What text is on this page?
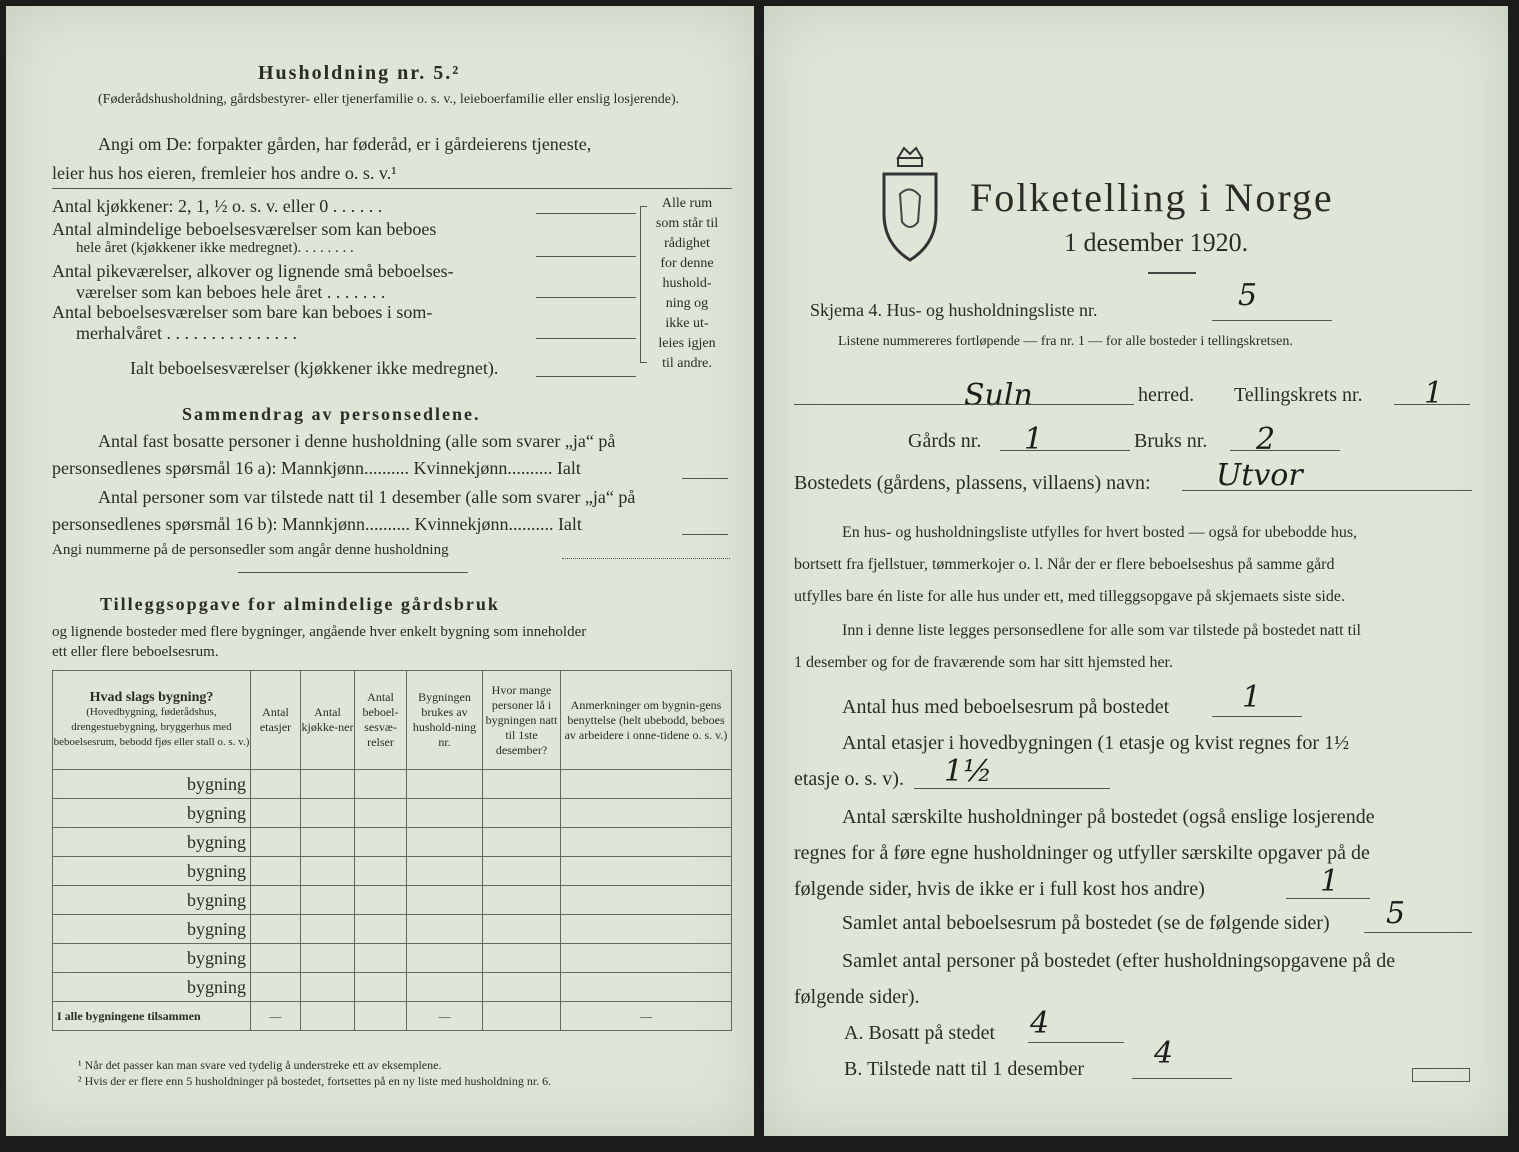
Husholdning nr. 5.²
(Føderådshusholdning, gårdsbestyrer- eller tjenerfamilie o. s. v., leieboerfamilie eller enslig losjerende).
Angi om De: forpakter gården, har føderåd, er i gårdeierens tjeneste,
leier hus hos eieren, fremleier hos andre o. s. v.¹
Antal kjøkkener: 2, 1, ½ o. s. v. eller 0 . . . . . .
Antal almindelige beboelsesværelser som kan beboes
hele året (kjøkkener ikke medregnet). . . . . . . .
Antal pikeværelser, alkover og lignende små beboelses-
værelser som kan beboes hele året . . . . . . .
Antal beboelsesværelser som bare kan beboes i som-
merhalvåret . . . . . . . . . . . . . . .
Ialt beboelsesværelser (kjøkkener ikke medregnet).
Alle rum
som står til
rådighet
for denne
hushold-
ning og
ikke ut-
leies igjen
til andre.
Sammendrag av personsedlene.
Antal fast bosatte personer i denne husholdning (alle som svarer „ja“ på
personsedlenes spørsmål 16 a): Mannkjønn.......... Kvinnekjønn.......... Ialt
Antal personer som var tilstede natt til 1 desember (alle som svarer „ja“ på
personsedlenes spørsmål 16 b): Mannkjønn.......... Kvinnekjønn.......... Ialt
Angi nummerne på de personsedler som angår denne husholdning
Tilleggsopgave for almindelige gårdsbruk
og lignende bosteder med flere bygninger, angående hver enkelt bygning som inneholder
ett eller flere beboelsesrum.
Hvad slags bygning?
(Hovedbygning, føderådshus, drengestuebygning, bryggerhus med beboelsesrum, bebodd fjøs eller stall o. s. v.)	Antal etasjer	Antal kjøkke-ner	Antal beboel-sesvæ-relser	Bygningen brukes av hushold-ning nr.	Hvor mange personer lå i bygningen natt til 1ste desember?	Anmerkninger om bygnin-gens benyttelse (helt ubebodd, beboes av arbeidere i onne-tidene o. s. v.)
bygning						
bygning						
bygning						
bygning						
bygning						
bygning						
bygning						
bygning						
I alle bygningene tilsammen	—			—		—
¹ Når det passer kan man svare ved tydelig å understreke ett av eksemplene.
² Hvis der er flere enn 5 husholdninger på bostedet, fortsettes på en ny liste med husholdning nr. 6.
Folketelling i Norge
1 desember 1920.
Skjema 4. Hus- og husholdningsliste nr.	5
Listene nummereres fortløpende — fra nr. 1 — for alle bosteder i tellingskretsen.
Suln	herred. Tellingskrets nr. 1
Gårds nr. 1	Bruks nr. 2
Bostedets (gårdens, plassens, villaens) navn: Utvor
En hus- og husholdningsliste utfylles for hvert bosted — også for ubebodde hus,
bortsett fra fjellstuer, tømmerkojer o. l. Når der er flere beboelseshus på samme gård
utfylles bare én liste for alle hus under ett, med tilleggsopgave på skjemaets siste side.
Inn i denne liste legges personsedlene for alle som var tilstede på bostedet natt til
1 desember og for de fraværende som har sitt hjemsted her.
Antal hus med beboelsesrum på bostedet 1
Antal etasjer i hovedbygningen (1 etasje og kvist regnes for 1½
etasje o. s. v). 1½
Antal særskilte husholdninger på bostedet (også enslige losjerende
regnes for å føre egne husholdninger og utfyller særskilte opgaver på de
følgende sider, hvis de ikke er i full kost hos andre)	1
Samlet antal beboelsesrum på bostedet (se de følgende sider) 5
Samlet antal personer på bostedet (efter husholdningsopgavene på de
følgende sider).
A. Bosatt på stedet 4
B. Tilstede natt til 1 desember 4
